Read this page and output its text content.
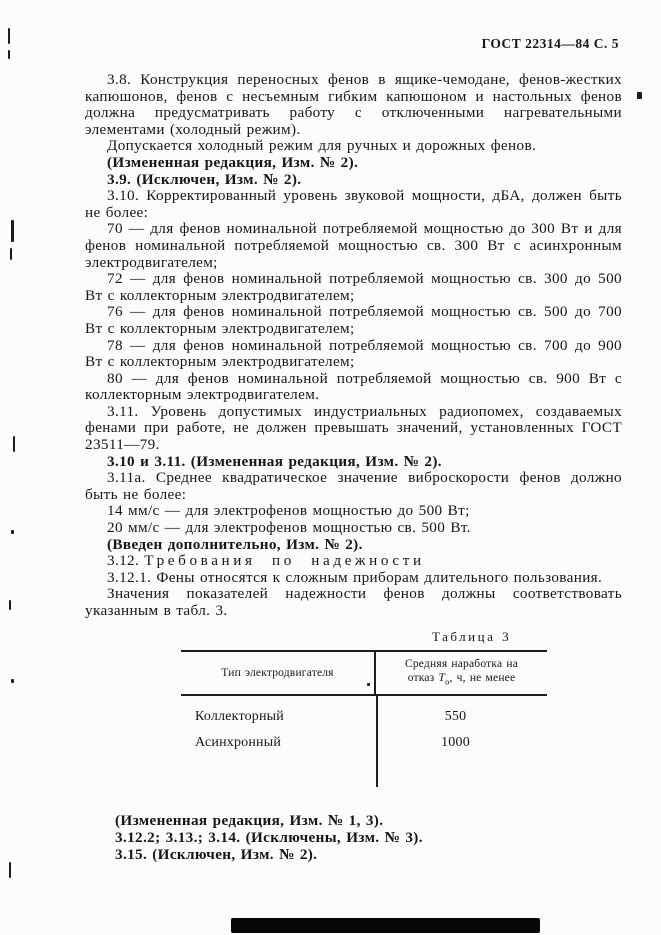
ГОСТ 22314—84 С. 5

3.8. Конструкция переносных фенов в ящике-чемодане, фенов-жестких капюшонов, фенов с несъемным гибким капюшоном и настольных фенов должна предусматривать работу с отключенными нагревательными элементами (холодный режим).

Допускается холодный режим для ручных и дорожных фенов.

(Измененная редакция, Изм. № 2).

3.9. (Исключен, Изм. № 2).

3.10. Корректированный уровень звуковой мощности, дБА, должен быть не более:

70 — для фенов номинальной потребляемой мощностью до 300 Вт и для фенов номинальной потребляемой мощностью св. 300 Вт с асинхронным электродвигателем;

72 — для фенов номинальной потребляемой мощностью св. 300 до 500 Вт с коллекторным электродвигателем;

76 — для фенов номинальной потребляемой мощностью св. 500 до 700 Вт с коллекторным электродвигателем;

78 — для фенов номинальной потребляемой мощностью св. 700 до 900 Вт с коллекторным электродвигателем;

80 — для фенов номинальной потребляемой мощностью св. 900 Вт с коллекторным электродвигателем.

3.11. Уровень допустимых индустриальных радиопомех, создаваемых фенами при работе, не должен превышать значений, установленных ГОСТ 23511—79.

3.10 и 3.11. (Измененная редакция, Изм. № 2).

3.11а. Среднее квадратическое значение виброскорости фенов должно быть не более:

14 мм/с — для электрофенов мощностью до 500 Вт;

20 мм/с — для электрофенов мощностью св. 500 Вт.

(Введен дополнительно, Изм. № 2).

3.12. Требования по надежности

3.12.1. Фены относятся к сложным приборам длительного пользования.

Значения показателей надежности фенов должны соответствовать указанным в табл. 3.

Таблица 3
Тип электродвигателя
Средняя наработка на
отказ $Т_о$, ч, не менее
Коллекторный
Асинхронный
550
1000

(Измененная редакция, Изм. № 1, 3).

3.12.2; 3.13.; 3.14. (Исключены, Изм. № 3).

3.15. (Исключен, Изм. № 2).
